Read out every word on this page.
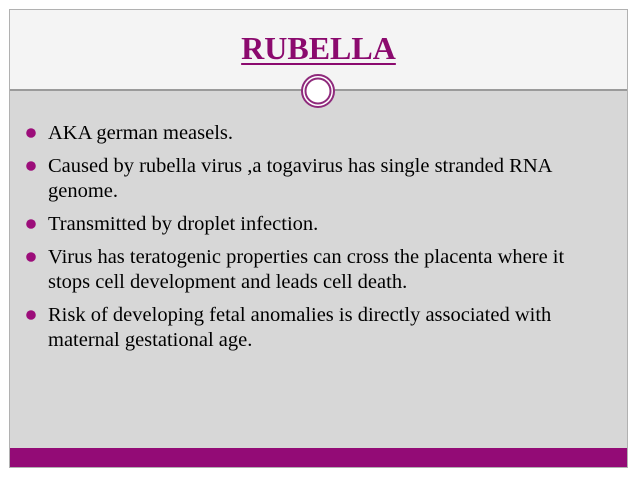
RUBELLA
AKA german measels.
Caused by rubella virus ,a togavirus has single stranded RNA genome.
Transmitted by droplet infection.
Virus has teratogenic properties can cross the placenta where it stops cell development and leads cell death.
Risk of developing fetal anomalies is directly associated with maternal gestational age.
